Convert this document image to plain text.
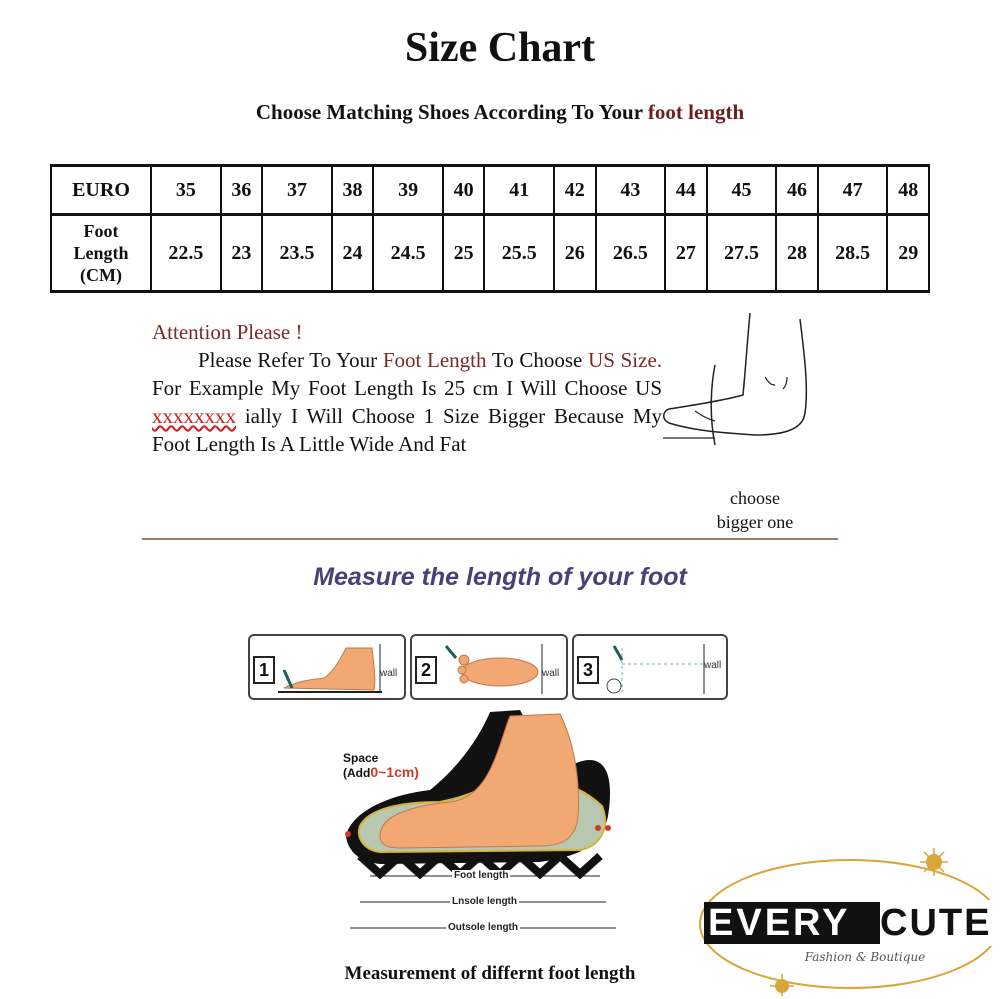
Size Chart
Choose Matching Shoes According To Your foot length
EURO	35	36	37	38	39	40	41	42	43	44	45	46	47	48

Foot
Length
(CM)	22.5	23	23.5	24	24.5	25	25.5	26	26.5	27	27.5	28	28.5	29
Attention Please !
Please Refer To Your Foot Length To Choose US Size. For Example My Foot Length Is 25 cm I Will Choose US xxxxxxxx ially I Will Choose 1 Size Bigger Because My Foot Length Is A Little Wide And Fat
choose
bigger one
Measure the length of your foot
1	wall	2	wall	3	wall
Space
(Add0~1cm)
Foot length
Lnsole length
Outsole length
Measurement of differnt foot length
EVERY CUTE
Fashion & Boutique
